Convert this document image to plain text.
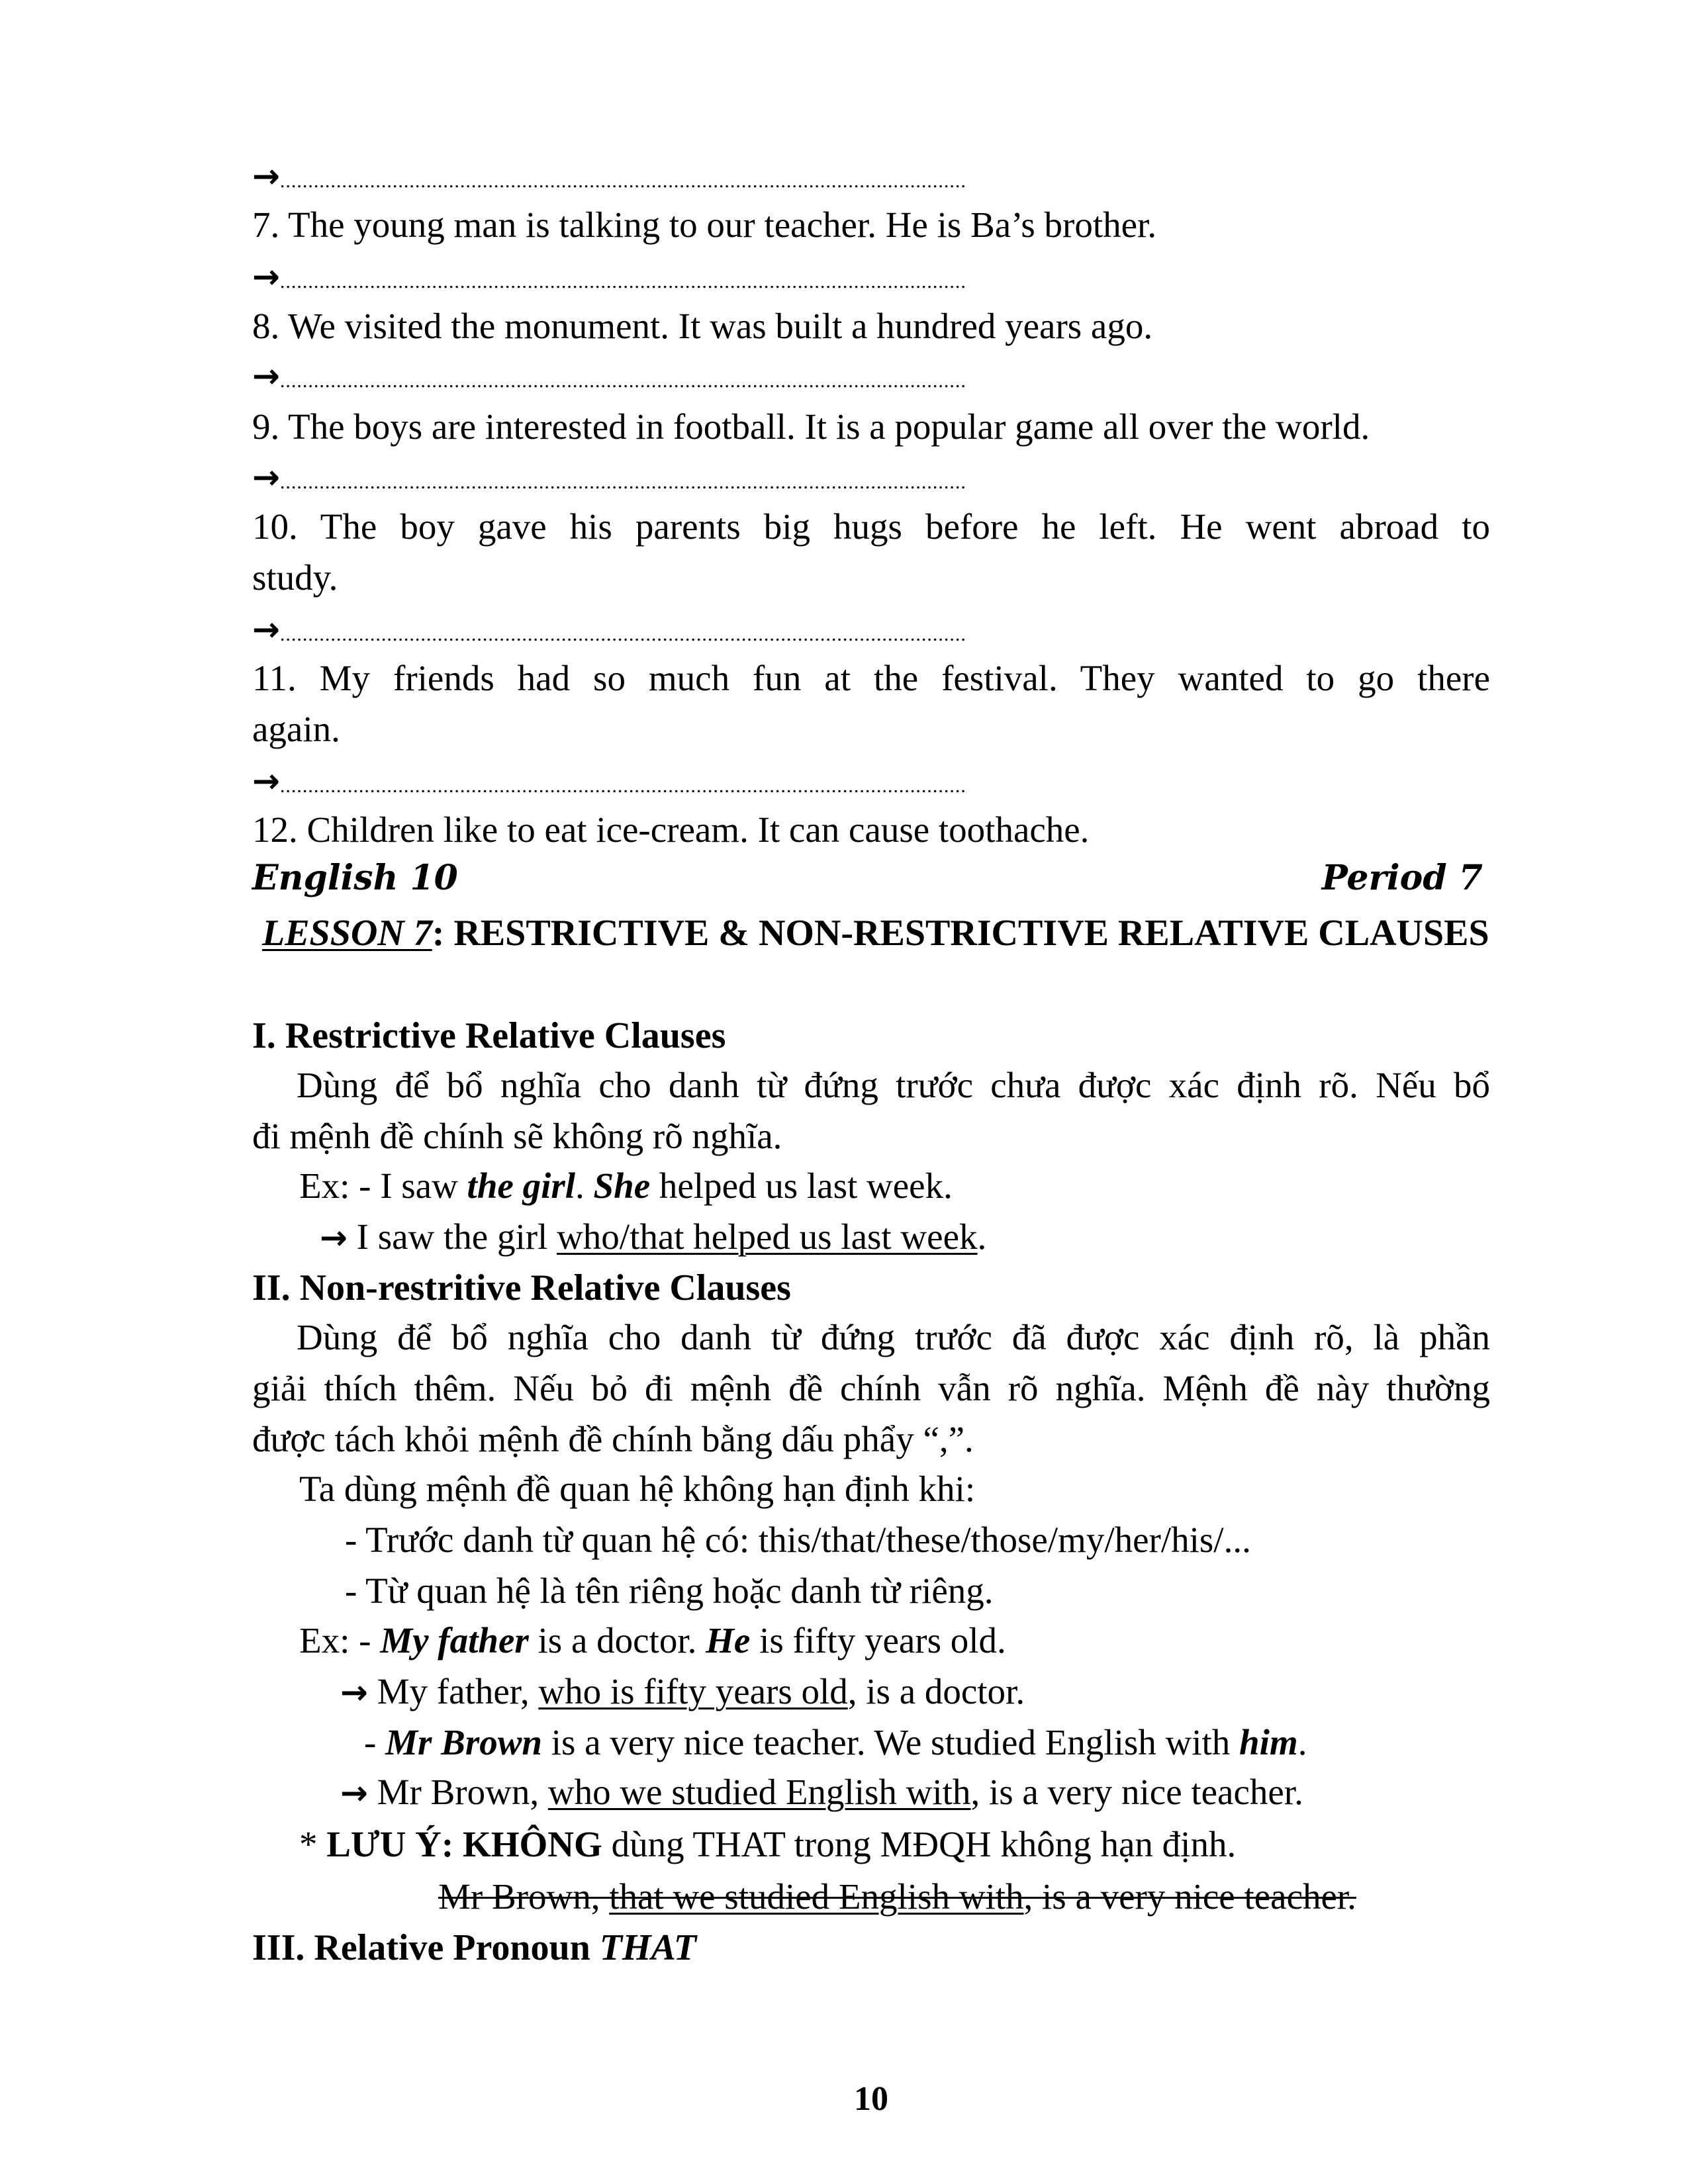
→..........................................................................................................................
7. The young man is talking to our teacher. He is Ba’s brother.
→..........................................................................................................................
8. We visited the monument. It was built a hundred years ago.
→..........................................................................................................................
9. The boys are interested in football. It is a popular game all over the world.
→..........................................................................................................................
10. The boy gave his parents big hugs before he left. He went abroad to
study.
→..........................................................................................................................
11. My friends had so much fun at the festival. They wanted to go there
again.
→..........................................................................................................................
12. Children like to eat ice-cream. It can cause toothache.
English 10	Period 7
LESSON 7: RESTRICTIVE & NON-RESTRICTIVE RELATIVE CLAUSES
I. Restrictive Relative Clauses
Dùng để bổ nghĩa cho danh từ đứng trước chưa được xác định rõ. Nếu bổ
đi mệnh đề chính sẽ không rõ nghĩa.
Ex: - I saw the girl. She helped us last week.
→ I saw the girl who/that helped us last week.
II. Non-restritive Relative Clauses
Dùng để bổ nghĩa cho danh từ đứng trước đã được xác định rõ, là phần
giải thích thêm. Nếu bỏ đi mệnh đề chính vẫn rõ nghĩa. Mệnh đề này thường
được tách khỏi mệnh đề chính bằng dấu phẩy “,”.
Ta dùng mệnh đề quan hệ không hạn định khi:
- Trước danh từ quan hệ có: this/that/these/those/my/her/his/...
- Từ quan hệ là tên riêng hoặc danh từ riêng.
Ex: - My father is a doctor. He is fifty years old.
→ My father, who is fifty years old, is a doctor.
- Mr Brown is a very nice teacher. We studied English with him.
→ Mr Brown, who we studied English with, is a very nice teacher.
* LƯU Ý: KHÔNG dùng THAT trong MĐQH không hạn định.
Mr Brown, that we studied English with, is a very nice teacher.
III. Relative Pronoun THAT
10
